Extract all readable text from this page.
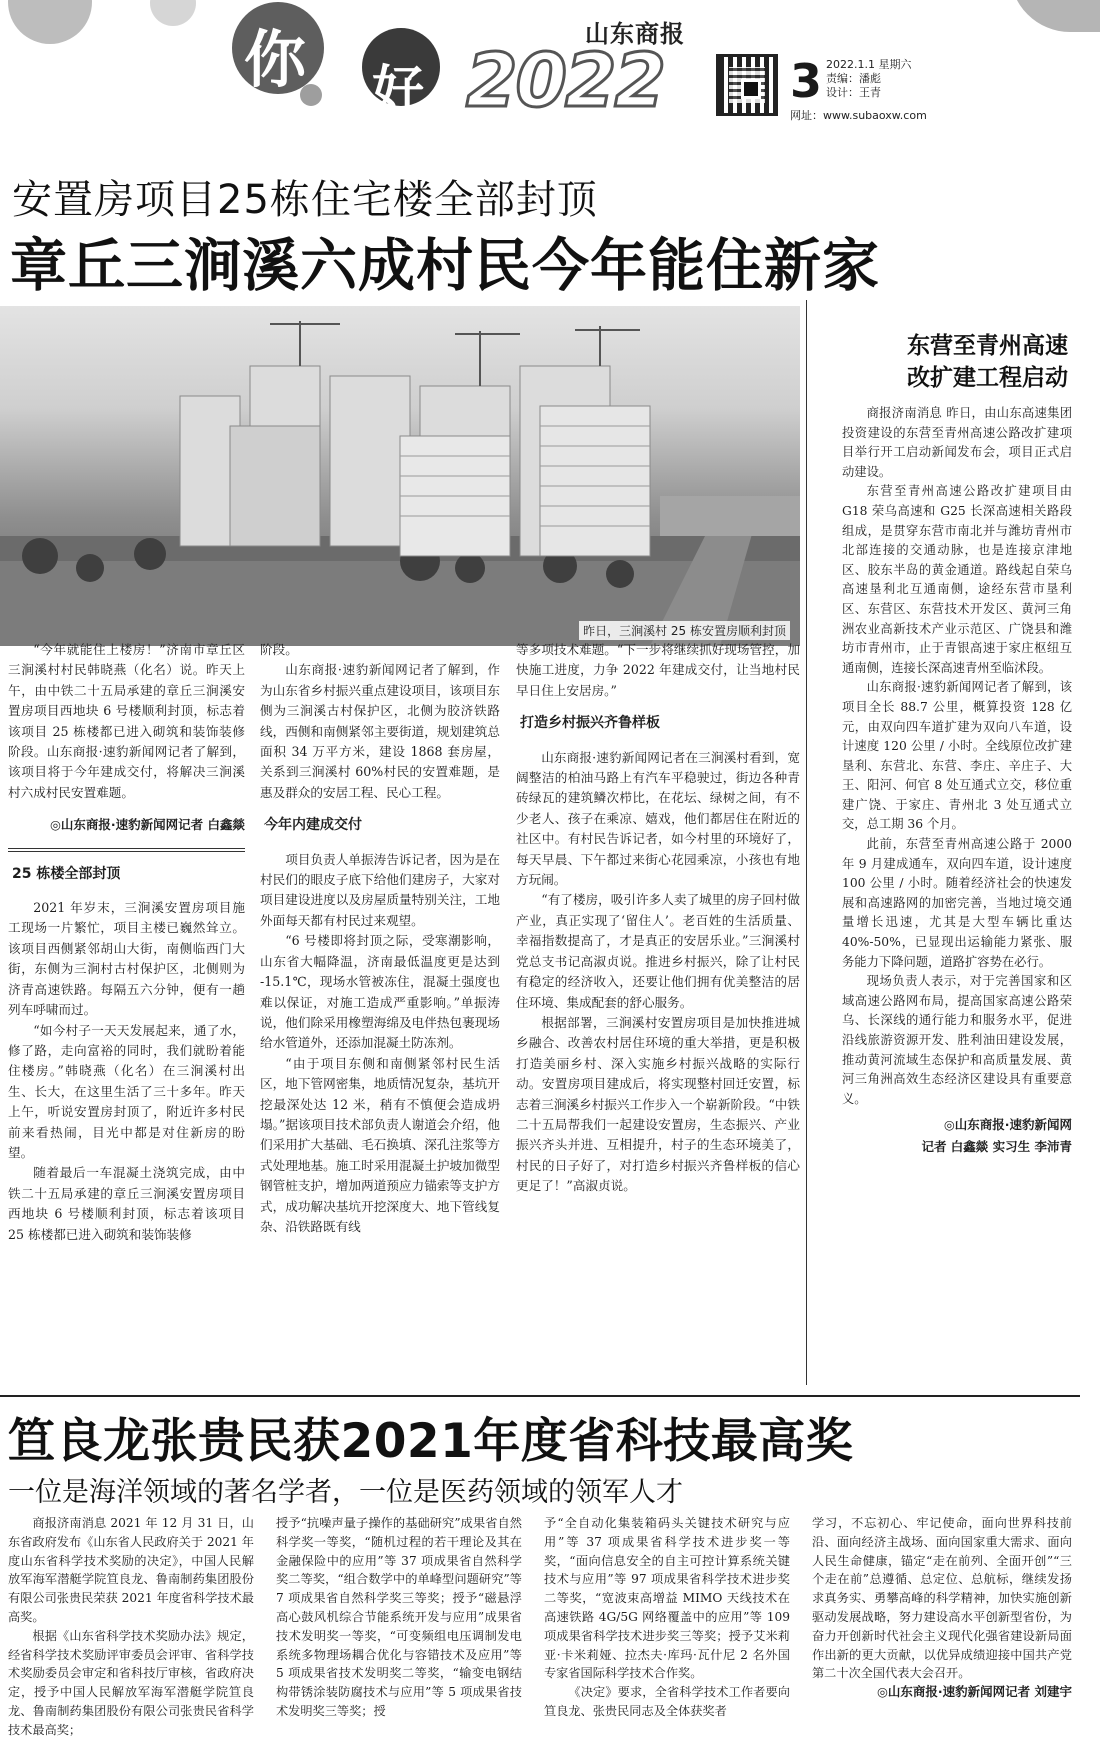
你 好 2022
山东商报
3 2022.1.1 星期六
责编：潘彪
设计：王青
网址：www.subaoxw.com
安置房项目25栋住宅楼全部封顶
章丘三涧溪六成村民今年能住新家
昨日，三涧溪村 25 栋安置房顺利封顶

“今年就能住上楼房！”济南市章丘区三涧溪村村民韩晓燕（化名）说。昨天上午，由中铁二十五局承建的章丘三涧溪安置房项目西地块 6 号楼顺利封顶，标志着该项目 25 栋楼都已进入砌筑和装饰装修阶段。山东商报·速豹新闻网记者了解到，该项目将于今年建成交付，将解决三涧溪村六成村民安置难题。

◎山东商报·速豹新闻网记者 白鑫燚

25 栋楼全部封顶

2021 年岁末，三涧溪安置房项目施工现场一片繁忙，项目主楼已巍然耸立。该项目西侧紧邻胡山大街，南侧临西门大街，东侧为三涧村古村保护区，北侧则为济青高速铁路。每隔五六分钟，便有一趟列车呼啸而过。

“如今村子一天天发展起来，通了水，修了路，走向富裕的同时，我们就盼着能住楼房。”韩晓燕（化名）在三涧溪村出生、长大，在这里生活了三十多年。昨天上午，听说安置房封顶了，附近许多村民前来看热闹，目光中都是对住新房的盼望。

随着最后一车混凝土浇筑完成，由中铁二十五局承建的章丘三涧溪安置房项目西地块 6 号楼顺利封顶，标志着该项目 25 栋楼都已进入砌筑和装饰装修

阶段。

山东商报·速豹新闻网记者了解到，作为山东省乡村振兴重点建设项目，该项目东侧为三涧溪古村保护区，北侧为胶济铁路线，西侧和南侧紧邻主要街道，规划建筑总面积 34 万平方米，建设 1868 套房屋，关系到三涧溪村 60%村民的安置难题，是惠及群众的安居工程、民心工程。

今年内建成交付

项目负责人单振涛告诉记者，因为是在村民们的眼皮子底下给他们建房子，大家对项目建设进度以及房屋质量特别关注，工地外面每天都有村民过来观望。

“6 号楼即将封顶之际，受寒潮影响，山东省大幅降温，济南最低温度更是达到 -15.1℃，现场水管被冻住，混凝土强度也难以保证，对施工造成严重影响。”单振涛说，他们除采用橡塑海绵及电伴热包裹现场给水管道外，还添加混凝土防冻剂。

“由于项目东侧和南侧紧邻村民生活区，地下管网密集，地质情况复杂，基坑开挖最深处达 12 米，稍有不慎便会造成坍塌。”据该项目技术部负责人谢道会介绍，他们采用扩大基础、毛石换填、深孔注浆等方式处理地基。施工时采用混凝土护坡加微型钢管桩支护，增加两道预应力锚索等支护方式，成功解决基坑开挖深度大、地下管线复杂、沿铁路既有线

等多项技术难题。“下一步将继续抓好现场管控，加快施工进度，力争 2022 年建成交付，让当地村民早日住上安居房。”

打造乡村振兴齐鲁样板

山东商报·速豹新闻网记者在三涧溪村看到，宽阔整洁的柏油马路上有汽车平稳驶过，街边各种青砖绿瓦的建筑鳞次栉比，在花坛、绿树之间，有不少老人、孩子在乘凉、嬉戏，他们都居住在附近的社区中。有村民告诉记者，如今村里的环境好了，每天早晨、下午都过来街心花园乘凉，小孩也有地方玩闹。

“有了楼房，吸引许多人卖了城里的房子回村做产业，真正实现了‘留住人’。老百姓的生活质量、幸福指数提高了，才是真正的安居乐业。”三涧溪村党总支书记高淑贞说。推进乡村振兴，除了让村民有稳定的经济收入，还要让他们拥有优美整洁的居住环境、集成配套的舒心服务。

根据部署，三涧溪村安置房项目是加快推进城乡融合、改善农村居住环境的重大举措，更是积极打造美丽乡村、深入实施乡村振兴战略的实际行动。安置房项目建成后，将实现整村回迁安置，标志着三涧溪乡村振兴工作步入一个崭新阶段。“中铁二十五局帮我们一起建设安置房，生态振兴、产业振兴齐头并进、互相提升，村子的生态环境美了，村民的日子好了，对打造乡村振兴齐鲁样板的信心更足了！”高淑贞说。

东营至青州高速
改扩建工程启动

商报济南消息 昨日，由山东高速集团投资建设的东营至青州高速公路改扩建项目举行开工启动新闻发布会，项目正式启动建设。

东营至青州高速公路改扩建项目由 G18 荣乌高速和 G25 长深高速相关路段组成，是贯穿东营市南北并与潍坊青州市北部连接的交通动脉，也是连接京津地区、胶东半岛的黄金通道。路线起自荣乌高速垦利北互通南侧，途经东营市垦利区、东营区、东营技术开发区、黄河三角洲农业高新技术产业示范区、广饶县和潍坊市青州市，止于青银高速于家庄枢纽互通南侧，连接长深高速青州至临沭段。

山东商报·速豹新闻网记者了解到，该项目全长 88.7 公里，概算投资 128 亿元，由双向四车道扩建为双向八车道，设计速度 120 公里 / 小时。全线原位改扩建垦利、东营北、东营、李庄、辛庄子、大王、阳河、何官 8 处互通式立交，移位重建广饶、于家庄、青州北 3 处互通式立交，总工期 36 个月。

此前，东营至青州高速公路于 2000 年 9 月建成通车，双向四车道，设计速度 100 公里 / 小时。随着经济社会的快速发展和高速路网的加密完善，当地过境交通量增长迅速，尤其是大型车辆比重达 40%-50%，已显现出运输能力紧张、服务能力下降问题，道路扩容势在必行。

现场负责人表示，对于完善国家和区域高速公路网布局，提高国家高速公路荣乌、长深线的通行能力和服务水平，促进沿线旅游资源开发、胜利油田建设发展，推动黄河流域生态保护和高质量发展、黄河三角洲高效生态经济区建设具有重要意义。

◎山东商报·速豹新闻网

记者 白鑫燚 实习生 李沛青

笪良龙张贵民获2021年度省科技最高奖
一位是海洋领域的著名学者，一位是医药领域的领军人才

商报济南消息 2021 年 12 月 31 日，山东省政府发布《山东省人民政府关于 2021 年度山东省科学技术奖励的决定》，中国人民解放军海军潜艇学院笪良龙、鲁南制药集团股份有限公司张贵民荣获 2021 年度省科学技术最高奖。

根据《山东省科学技术奖励办法》规定，经省科学技术奖励评审委员会评审、省科学技术奖励委员会审定和省科技厅审核，省政府决定，授予中国人民解放军海军潜艇学院笪良龙、鲁南制药集团股份有限公司张贵民省科学技术最高奖；

授予“抗噪声量子操作的基础研究”成果省自然科学奖一等奖，“随机过程的若干理论及其在金融保险中的应用”等 37 项成果省自然科学奖二等奖，“组合数学中的单峰型问题研究”等 7 项成果省自然科学奖三等奖；授予“磁悬浮高心鼓风机综合节能系统开发与应用”成果省技术发明奖一等奖，“可变频组电压调制发电系统多物理场耦合优化与容错技术及应用”等 5 项成果省技术发明奖二等奖，“输变电钢结构带锈涂装防腐技术与应用”等 5 项成果省技术发明奖三等奖；授

予“全自动化集装箱码头关键技术研究与应用”等 37 项成果省科学技术进步奖一等奖，“面向信息安全的自主可控计算系统关键技术与应用”等 97 项成果省科学技术进步奖二等奖，“宽波束高增益 MIMO 天线技术在高速铁路 4G/5G 网络覆盖中的应用”等 109 项成果省科学技术进步奖三等奖；授予艾米莉亚·卡米莉娅、拉杰夫·库玛·瓦什尼 2 名外国专家省国际科学技术合作奖。

《决定》要求，全省科学技术工作者要向笪良龙、张贵民同志及全体获奖者

学习，不忘初心、牢记使命，面向世界科技前沿、面向经济主战场、面向国家重大需求、面向人民生命健康，锚定“走在前列、全面开创”“三个走在前”总遵循、总定位、总航标，继续发扬求真务实、勇攀高峰的科学精神，加快实施创新驱动发展战略，努力建设高水平创新型省份，为奋力开创新时代社会主义现代化强省建设新局面作出新的更大贡献，以优异成绩迎接中国共产党第二十次全国代表大会召开。

◎山东商报·速豹新闻网记者 刘建宇
